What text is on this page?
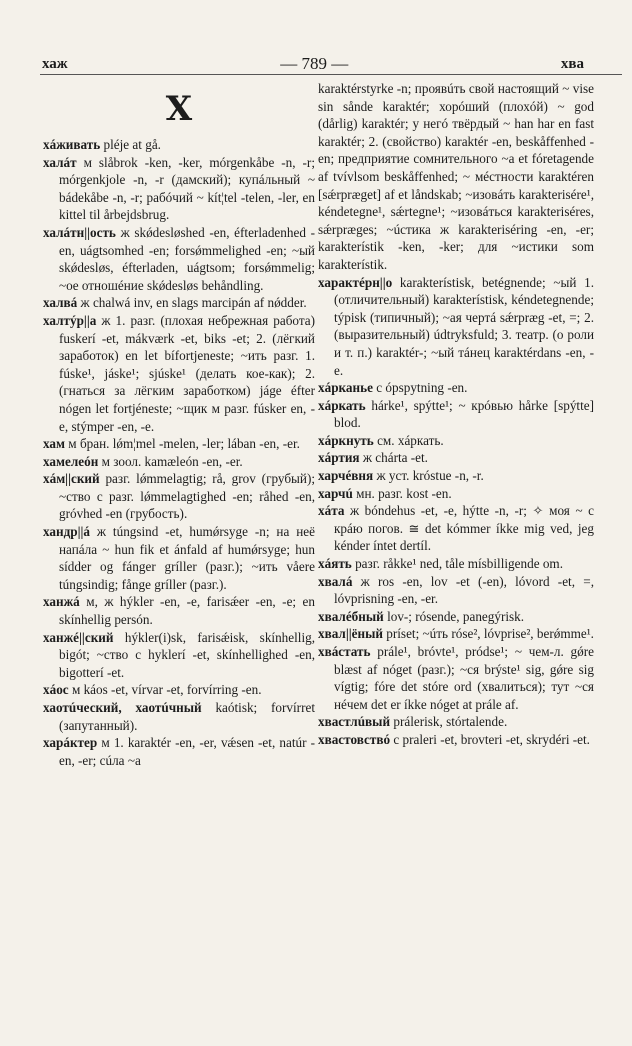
хаж	— 789 —	хва
X

хáживать pléje at gå.

халáт м slåbrok -ken, -ker, mórgenkåbe -n, -r; mórgenkjole -n, -r (дамский); купáльный ~ bádekåbe -n, -r; рабóчий ~ kít¦tel -telen, -ler, en kittel til årbejdsbrug.

халáтн||ость ж skǿdesløshed -en, éfterladenhed -en, uágtsomhed -en; forsǿmmelighed -en; ~ый skǿdesløs, éfterladen, uágtsom; forsǿmmelig; ~oe отношéние skǿdesløs behåndling.

халвá ж chalwá inv, en slags marcipán af nǿdder.

халтýр||а ж 1. разг. (плохая небрежная работа) fuskerí -et, mákværk -et, biks -et; 2. (лёгкий заработок) en let bífortjeneste; ~ить разг. 1. fúske¹, jáske¹; sjúske¹ (делать кое-как); 2. (гнаться за лёгким заработком) jáge éfter nógen let fortjéneste; ~щик м разг. fúsker en, -e, stýmper -en, -e.

хам м бран. lǿm¦mel -melen, -ler; lában -en, -er.

хамелеóн м зоол. kamæleón -en, -er.

хáм||ский разг. lǿmmelagtig; rå, grov (грубый); ~ство с разг. lǿmmelagtighed -en; råhed -en, gróvhed -en (грубость).

хандр||á ж túngsind -et, humǿrsyge -n; на неё напáла ~ hun fik et ánfald af humǿrsyge; hun sídder og fánger gríller (разг.); ~ить våere túngsindig; fånge gríller (разг.).

ханжá м, ж hýkler -en, -e, farisǽer -en, -e; en skínhellig persón.

ханжé||ский hýkler(i)sk, farisǽisk, skínhellig, bigót; ~ство с hyklerí -et, skínhellighed -en, bigotterí -et.

хáос м káos -et, vírvar -et, forvírring -en.

хаотúческий, хаотúчный kaótisk; forvírret (запутанный).

харáктер м 1. karaktér -en, -er, vǽsen -et, natúr -en, -er; сúла ~а

karaktérstyrke -n; проявúть свой настоящий ~ vise sin sånde karaktér; хорóший (плохóй) ~ god (dårlig) karaktér; у негó твёрдый ~ han har en fast karaktér; 2. (свойство) karaktér -en, beskåffenhed -en; предприятие сомнительного ~a et fóretagende af tvívlsom beskåffenhed; ~ мéстности karaktéren [sǽrpræget] af et låndskab; ~изовáть karakterisére¹, kéndetegne¹, sǽrtegne¹; ~изовáться karakteriséres, sǽrpræges; ~úстика ж karakteriséring -en, -er; karakterístik -ken, -ker; для ~истики som karakterístik.

характéрн||о karakterístisk, betégnende; ~ый 1. (отличительный) karakterístisk, kéndetegnende; týpisk (типичный); ~ая чертá sǽrpræg -et, =; 2. (выразительный) údtryksfuld; 3. театр. (о роли и т. п.) karaktér-; ~ый тáнец karaktérdans -en, -e.

хáрканье с ópspytning -en.

хáркать hárke¹, spýtte¹; ~ крóвью hårke [spýtte] blod.

хáркнуть см. хáркать.

хáртия ж chárta -et.

харчéвня ж уст. króstue -n, -r.

харчú мн. разг. kost -en.

хáта ж bóndehus -et, -e, hýtte -n, -r; ✧ моя ~ с крáю погов. ≅ det kómmer íkke mig ved, jeg kénder íntet dertíl.

хáять разг. råkke¹ ned, tåle mísbilligende om.

хвалá ж ros -en, lov -et (-en), lóvord -et, =, lóvprisning -en, -er.

хвалéбный lov-; rósende, panegýrisk.

хвал||ёный príset; ~úть róse², lóvprise², berǿmme¹.

хвáстать prále¹, bróvte¹, pródse¹; ~ чем-л. gǿre blæst af nóget (разг.); ~ся brýste¹ sig, gǿre sig vígtig; fóre det stóre ord (хвалиться); тут ~ся нéчем det er íkke nóget at prále af.

хвастлúвый prálerisk, stórtalende.

хвастовствó с praleri -et, brovteri -et, skrydéri -et.
